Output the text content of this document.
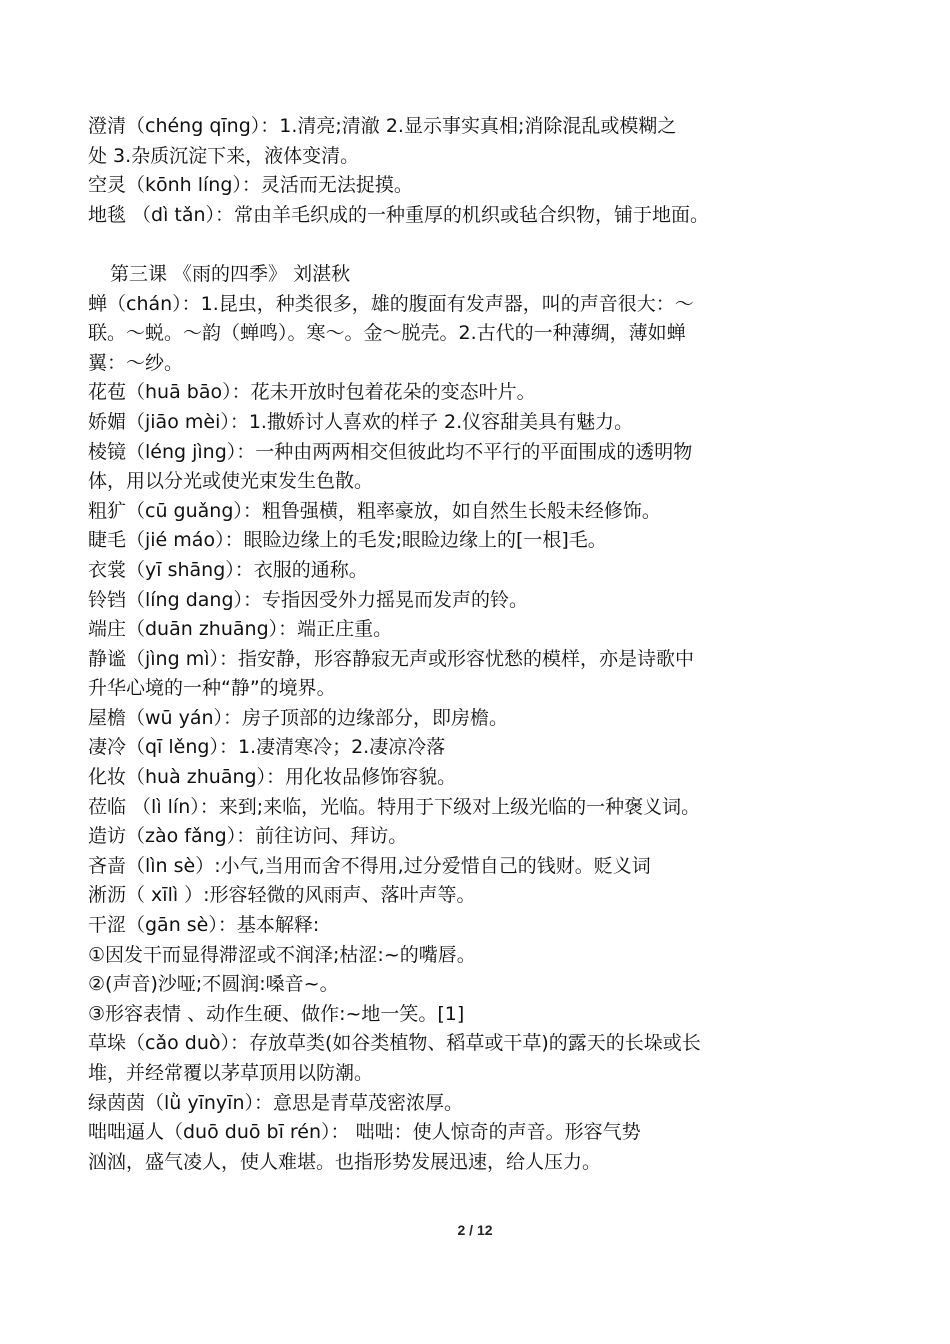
澄清（chéng qīng）：1.清亮;清澈 2.显示事实真相;消除混乱或模糊之
处 3.杂质沉淀下来，液体变清。
空灵（kōnh líng）：灵活而无法捉摸。
地毯 （dì tǎn）：常由羊毛织成的一种重厚的机织或毡合织物，铺于地面。
第三课 《雨的四季》 刘湛秋
蝉（chán）：1.昆虫，种类很多，雄的腹面有发声器，叫的声音很大：～
联。～蜕。～韵（蝉鸣）。寒～。金～脱壳。2.古代的一种薄绸，薄如蝉
翼：～纱。
花苞（huā bāo）：花未开放时包着花朵的变态叶片。
娇媚（jiāo mèi）：1.撒娇讨人喜欢的样子 2.仪容甜美具有魅力。
棱镜（léng jìng）：一种由两两相交但彼此均不平行的平面围成的透明物
体，用以分光或使光束发生色散。
粗犷（cū guǎng）：粗鲁强横，粗率豪放，如自然生长般未经修饰。
睫毛（jié máo）：眼睑边缘上的毛发;眼睑边缘上的[一根]毛。
衣裳（yī shāng）：衣服的通称。
铃铛（líng dang）：专指因受外力摇晃而发声的铃。
端庄（duān zhuāng）：端正庄重。
静谧（jìng mì）：指安静，形容静寂无声或形容忧愁的模样，亦是诗歌中
升华心境的一种“静”的境界。
屋檐（wū yán）：房子顶部的边缘部分，即房檐。
凄冷（qī lěng）：1.凄清寒冷；2.凄凉冷落
化妆（huà zhuāng）：用化妆品修饰容貌。
莅临 （lì lín）：来到;来临，光临。特用于下级对上级光临的一种褒义词。
造访（zào fǎng）：前往访问、拜访。
吝啬（lìn sè）:小气,当用而舍不得用,过分爱惜自己的钱财。贬义词
淅沥（ xīlì ）:形容轻微的风雨声、落叶声等。
干涩（gān sè）：基本解释:
①因发干而显得滞涩或不润泽;枯涩:~的嘴唇。
②(声音)沙哑;不圆润:嗓音~。
③形容表情 、动作生硬、做作:~地一笑。[1]
草垛（cǎo duò）：存放草类(如谷类植物、稻草或干草)的露天的长垛或长
堆，并经常覆以茅草顶用以防潮。
绿茵茵（lǜ yīnyīn）：意思是青草茂密浓厚。
咄咄逼人（duō duō bī rén）： 咄咄：使人惊奇的声音。形容气势
汹汹，盛气凌人，使人难堪。也指形势发展迅速，给人压力。
2 / 12
